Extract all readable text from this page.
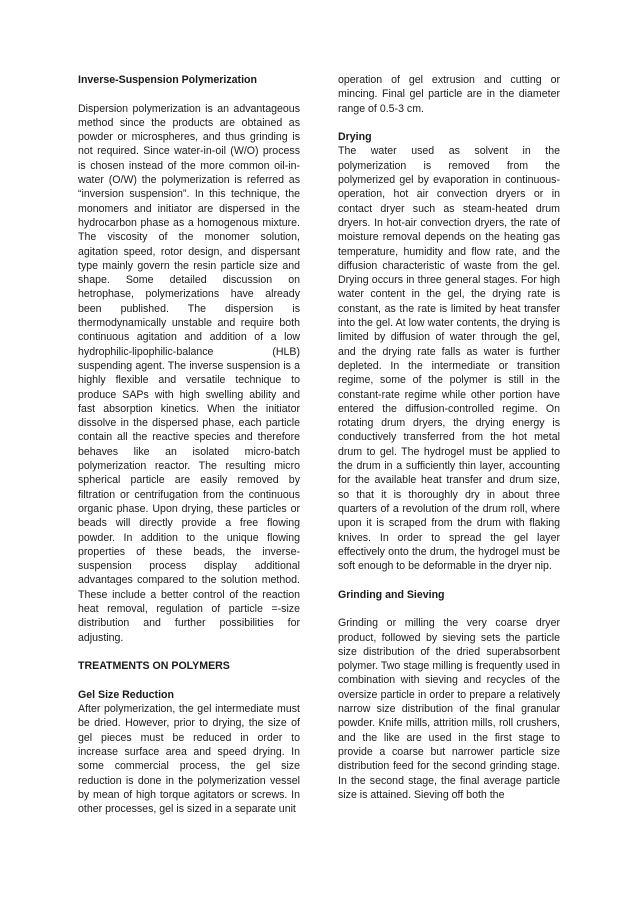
Inverse-Suspension Polymerization

Dispersion polymerization is an advantageous method since the products are obtained as powder or microspheres, and thus grinding is not required. Since water-in-oil (W/O) process is chosen instead of the more common oil-in-water (O/W) the polymerization is referred as “inversion suspension”. In this technique, the monomers and initiator are dispersed in the hydrocarbon phase as a homogenous mixture. The viscosity of the monomer solution, agitation speed, rotor design, and dispersant type mainly govern the resin particle size and shape. Some detailed discussion on hetrophase, polymerizations have already been published. The dispersion is thermodynamically unstable and require both continuous agitation and addition of a low hydrophilic-lipophilic-balance (HLB) suspending agent. The inverse suspension is a highly flexible and versatile technique to produce SAPs with high swelling ability and fast absorption kinetics. When the initiator dissolve in the dispersed phase, each particle contain all the reactive species and therefore behaves like an isolated micro-batch polymerization reactor. The resulting micro spherical particle are easily removed by filtration or centrifugation from the continuous organic phase. Upon drying, these particles or beads will directly provide a free flowing powder. In addition to the unique flowing properties of these beads, the inverse-suspension process display additional advantages compared to the solution method. These include a better control of the reaction heat removal, regulation of particle =-size distribution and further possibilities for adjusting.

TREATMENTS ON POLYMERS
Gel Size Reduction

After polymerization, the gel intermediate must be dried. However, prior to drying, the size of gel pieces must be reduced in order to increase surface area and speed drying. In some commercial process, the gel size reduction is done in the polymerization vessel by mean of high torque agitators or screws. In other processes, gel is sized in a separate unit

operation of gel extrusion and cutting or mincing. Final gel particle are in the diameter range of 0.5-3 cm.

Drying

The water used as solvent in the polymerization is removed from the polymerized gel by evaporation in continuous-operation, hot air convection dryers or in contact dryer such as steam-heated drum dryers. In hot-air convection dryers, the rate of moisture removal depends on the heating gas temperature, humidity and flow rate, and the diffusion characteristic of waste from the gel. Drying occurs in three general stages. For high water content in the gel, the drying rate is constant, as the rate is limited by heat transfer into the gel. At low water contents, the drying is limited by diffusion of water through the gel, and the drying rate falls as water is further depleted. In the intermediate or transition regime, some of the polymer is still in the constant-rate regime while other portion have entered the diffusion-controlled regime. On rotating drum dryers, the drying energy is conductively transferred from the hot metal drum to gel. The hydrogel must be applied to the drum in a sufficiently thin layer, accounting for the available heat transfer and drum size, so that it is thoroughly dry in about three quarters of a revolution of the drum roll, where upon it is scraped from the drum with flaking knives. In order to spread the gel layer effectively onto the drum, the hydrogel must be soft enough to be deformable in the dryer nip.

Grinding and Sieving

Grinding or milling the very coarse dryer product, followed by sieving sets the particle size distribution of the dried superabsorbent polymer. Two stage milling is frequently used in combination with sieving and recycles of the oversize particle in order to prepare a relatively narrow size distribution of the final granular powder. Knife mills, attrition mills, roll crushers, and the like are used in the first stage to provide a coarse but narrower particle size distribution feed for the second grinding stage. In the second stage, the final average particle size is attained. Sieving off both the
